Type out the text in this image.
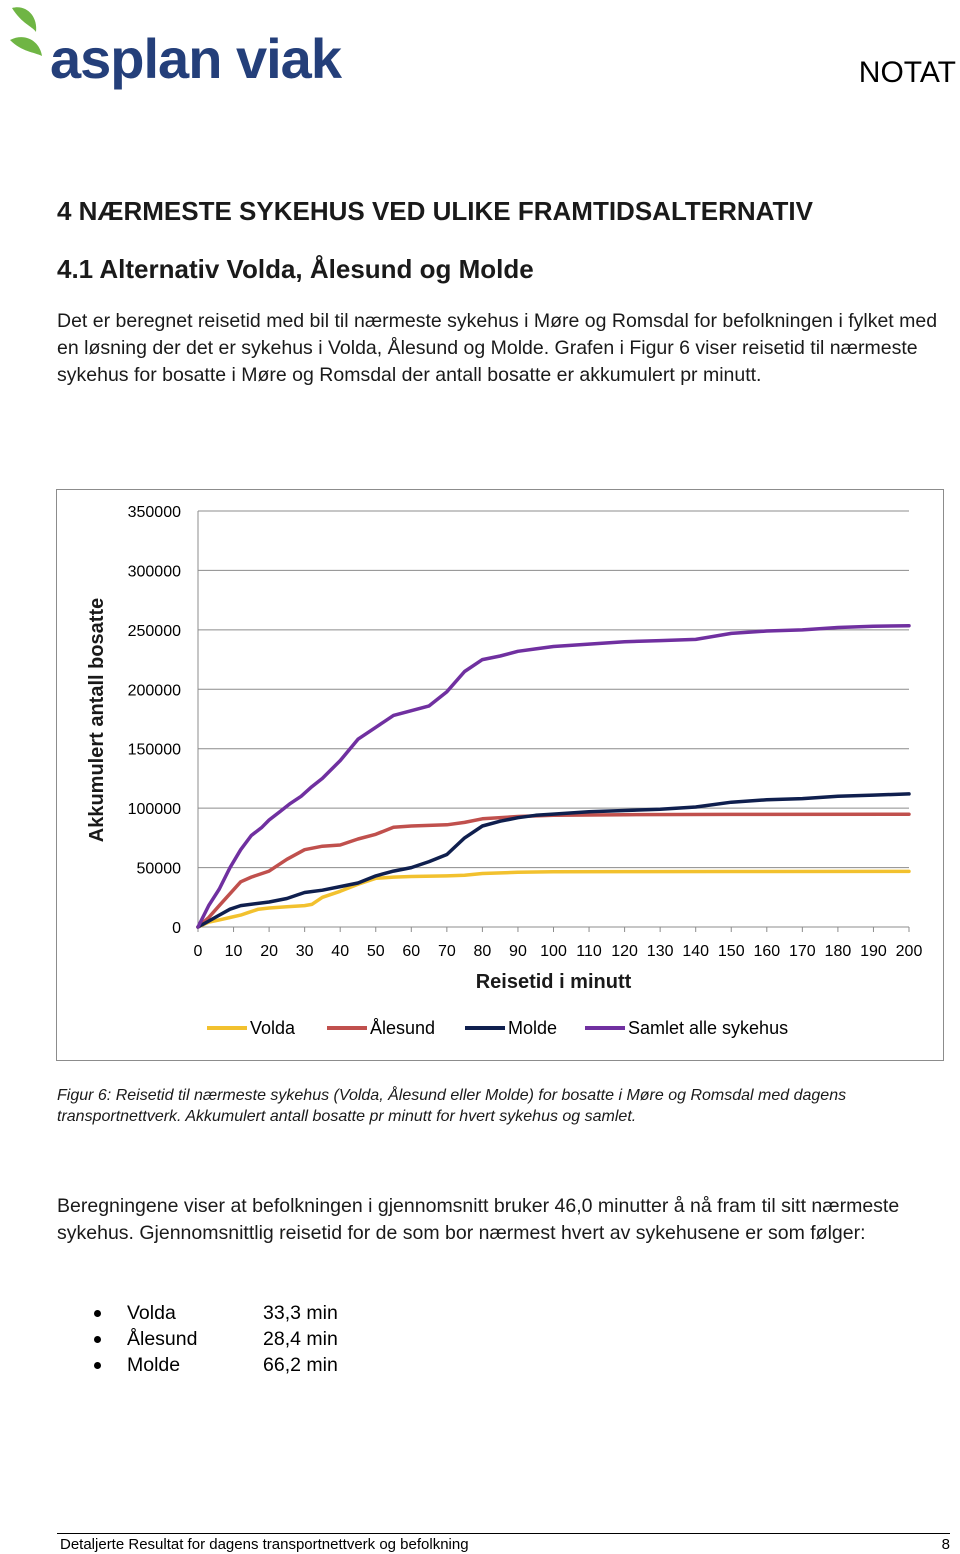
asplan viak	NOTAT
4 NÆRMESTE SYKEHUS VED ULIKE FRAMTIDSALTERNATIV
4.1 Alternativ Volda, Ålesund og Molde
Det er beregnet reisetid med bil til nærmeste sykehus i Møre og Romsdal for befolkningen i fylket med en løsning der det er sykehus i Volda, Ålesund og Molde. Grafen i Figur 6 viser reisetid til nærmeste sykehus for bosatte i Møre og Romsdal der antall bosatte er akkumulert pr minutt.
0
50000
100000
150000
200000
250000
300000
350000
0 10 20 30 40 50 60 70 80 90 100 110 120 130 140 150 160 170 180 190 200
Reisetid i minutt
Akkumulert antall bosatte
Volda	Ålesund	Molde	Samlet alle sykehus
Figur 6: Reisetid til nærmeste sykehus (Volda, Ålesund eller Molde) for bosatte i Møre og Romsdal med dagens transportnettverk. Akkumulert antall bosatte pr minutt for hvert sykehus og samlet.
Beregningene viser at befolkningen i gjennomsnitt bruker 46,0 minutter å nå fram til sitt nærmeste sykehus. Gjennomsnittlig reisetid for de som bor nærmest hvert av sykehusene er som følger:
Volda	33,3 min
Ålesund	28,4 min
Molde	66,2 min
Detaljerte Resultat for dagens transportnettverk og befolkning	8
